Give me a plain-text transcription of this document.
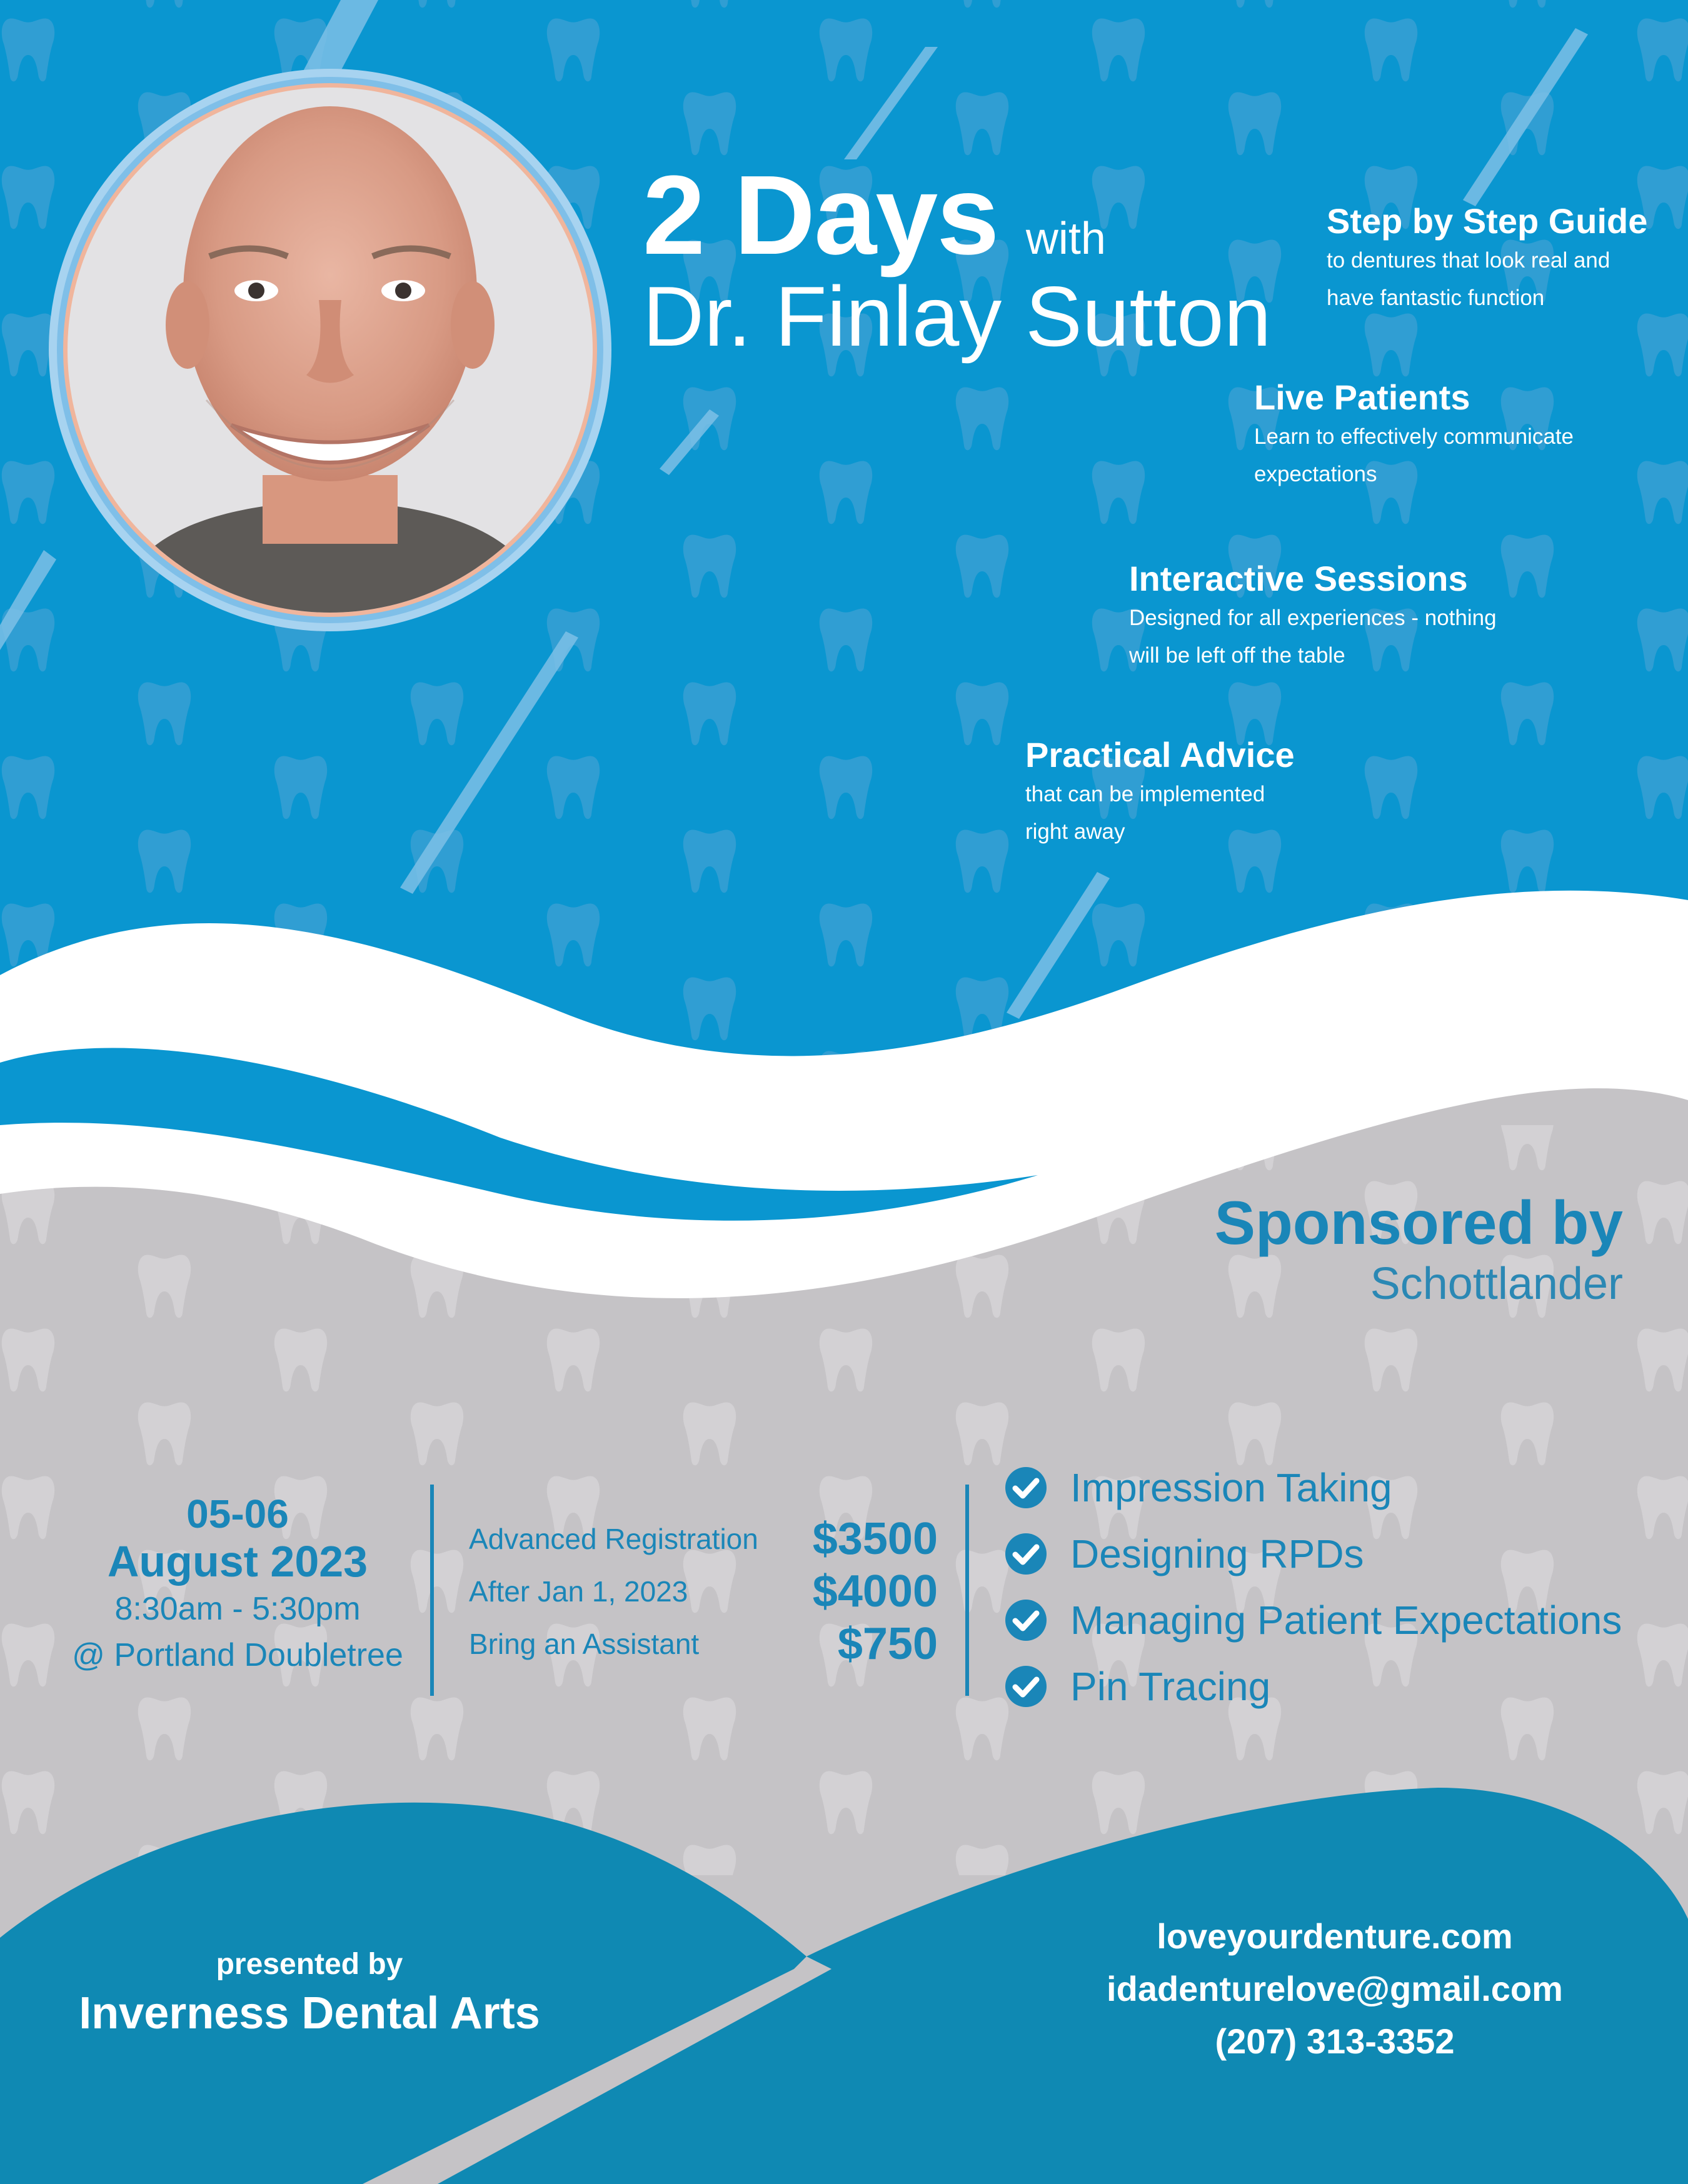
2 Days with
Dr. Finlay Sutton
Step by Step Guide
to dentures that look real and
have fantastic function
Live Patients
Learn to effectively communicate
expectations
Interactive Sessions
Designed for all experiences - nothing
will be left off the table
Practical Advice
that can be implemented
right away
Sponsored by
Schottlander
05-06
August 2023
8:30am - 5:30pm
@ Portland Doubletree
Advanced Registration $3500
After Jan 1, 2023	$4000
Bring an Assistant	$750
Impression Taking
Designing RPDs
Managing Patient Expectations
Pin Tracing
presented by
Inverness Dental Arts
loveyourdenture.com
idadenturelove@gmail.com
(207) 313-3352
